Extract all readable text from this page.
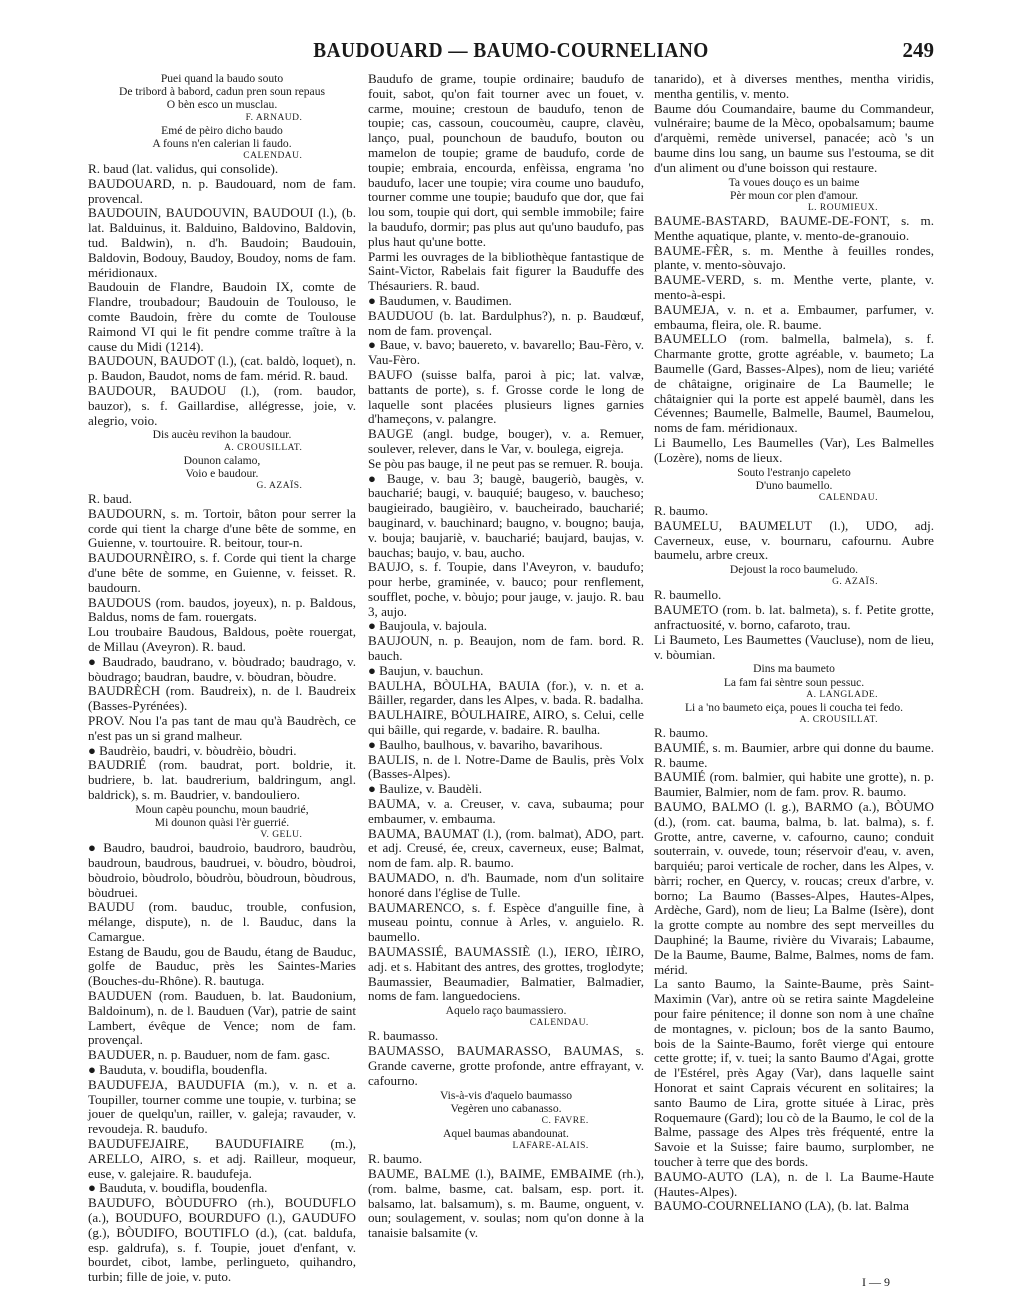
BAUDOUARD — BAUMO-COURNELIANO	249

Puei quand la baudo souto

De tribord à babord, cadun pren soun repaus

O bèn esco un musclau.

F. ARNAUD.

Emé de pèiro dicho baudo

A founs n'en calerian li faudo.

CALENDAU.

R. baud (lat. validus, qui consolide).

BAUDOUARD, n. p. Baudouard, nom de fam. provencal.

BAUDOUIN, BAUDOUVIN, BAUDOUI (l.), (b. lat. Balduinus, it. Balduino, Baldovino, Baldovin, tud. Baldwin), n. d'h. Baudoin; Baudouin, Baldovin, Bodouy, Baudoy, Boudoy, noms de fam. méridionaux.

Baudouin de Flandre, Baudoin IX, comte de Flandre, troubadour; Baudouin de Toulouso, le comte Baudoin, frère du comte de Toulouse Raimond VI qui le fit pendre comme traître à la cause du Midi (1214).

BAUDOUN, BAUDOT (l.), (cat. baldò, loquet), n. p. Baudon, Baudot, noms de fam. mérid. R. baud.

BAUDOUR, BAUDOU (l.), (rom. baudor, bauzor), s. f. Gaillardise, allégresse, joie, v. alegrio, voio.

Dis aucèu revihon la baudour.

A. CROUSILLAT.

Dounon calamo,

Voio e baudour.

G. AZAÏS.

R. baud.

BAUDOURN, s. m. Tortoir, bâton pour serrer la corde qui tient la charge d'une bête de somme, en Guienne, v. tourtouire. R. beitour, tour-n.

BAUDOURNÈIRO, s. f. Corde qui tient la charge d'une bête de somme, en Guienne, v. feisset. R. baudourn.

BAUDOUS (rom. baudos, joyeux), n. p. Baldous, Baldus, noms de fam. rouergats.

Lou troubaire Baudous, Baldous, poète rouergat, de Millau (Aveyron). R. baud.

● Baudrado, baudrano, v. bòudrado; baudrago, v. bòudrago; baudran, baudre, v. bòudran, bòudre.

BAUDRÈCH (rom. Baudreix), n. de l. Baudreix (Basses-Pyrénées).

PROV. Nou l'a pas tant de mau qu'à Baudrèch, ce n'est pas un si grand malheur.

● Baudrèio, baudri, v. bòudrèio, bòudri.

BAUDRIÉ (rom. baudrat, port. boldrie, it. budriere, b. lat. baudrerium, baldringum, angl. baldrick), s. m. Baudrier, v. bandouliero.

Moun capèu pounchu, moun baudrié,

Mi dounon quàsi l'èr guerrié.

V. GELU.

● Baudro, baudroi, baudroio, baudroro, baudròu, baudroun, baudrous, baudruei, v. bòudro, bòudroi, bòudroio, bòudrolo, bòudròu, bòudroun, bòudrous, bòudruei.

BAUDU (rom. bauduc, trouble, confusion, mélange, dispute), n. de l. Bauduc, dans la Camargue.

Estang de Baudu, gou de Baudu, étang de Bauduc, golfe de Bauduc, près les Saintes-Maries (Bouches-du-Rhône). R. bautuga.

BAUDUEN (rom. Bauduen, b. lat. Baudonium, Baldoinum), n. de l. Bauduen (Var), patrie de saint Lambert, évêque de Vence; nom de fam. provençal.

BAUDUER, n. p. Bauduer, nom de fam. gasc.

● Bauduta, v. boudifla, boudenfla.

BAUDUFEJA, BAUDUFIA (m.), v. n. et a. Toupiller, tourner comme une toupie, v. turbina; se jouer de quelqu'un, railler, v. galeja; ravauder, v. revoudeja. R. baudufo.

BAUDUFEJAIRE, BAUDUFIAIRE (m.), ARELLO, AIRO, s. et adj. Railleur, moqueur, euse, v. galejaire. R. baudufeja.

● Bauduta, v. boudifla, boudenfla.

BAUDUFO, BÒUDUFRO (rh.), BOUDUFLO (a.), BOUDUFO, BOURDUFO (l.), GAUDUFO (g.), BÒUDIFO, BOUTIFLO (d.), (cat. baldufa, esp. galdrufa), s. f. Toupie, jouet d'enfant, v. bourdet, cibot, lambe, perlingueto, quihandro, turbin; fille de joie, v. puto.

Baudufo de grame, toupie ordinaire; baudufo de fouit, sabot, qu'on fait tourner avec un fouet, v. carme, mouine; crestoun de baudufo, tenon de toupie; cas, cassoun, coucoumèu, caupre, clavèu, lanço, pual, pounchoun de baudufo, bouton ou mamelon de toupie; grame de baudufo, corde de toupie; embraia, encourda, enfèissa, engrama 'no baudufo, lacer une toupie; vira coume uno baudufo, tourner comme une toupie; baudufo que dor, que fai lou som, toupie qui dort, qui semble immobile; faire la baudufo, dormir; pas plus aut qu'uno baudufo, pas plus haut qu'une botte.

Parmi les ouvrages de la bibliothèque fantastique de Saint-Victor, Rabelais fait figurer la Bauduffe des Thésauriers. R. baud.

● Baudumen, v. Baudimen.

BAUDUOU (b. lat. Bardulphus?), n. p. Baudœuf, nom de fam. provençal.

● Baue, v. bavo; bauereto, v. bavarello; Bau-Fèro, v. Vau-Fèro.

BAUFO (suisse balfa, paroi à pic; lat. valvæ, battants de porte), s. f. Grosse corde le long de laquelle sont placées plusieurs lignes garnies d'hameçons, v. palangre.

BAUGE (angl. budge, bouger), v. a. Remuer, soulever, relever, dans le Var, v. boulega, eigreja.

Se pòu pas bauge, il ne peut pas se remuer. R. bouja.

● Bauge, v. bau 3; baugè, baugeriò, baugès, v. baucharié; baugi, v. bauquié; baugeso, v. baucheso; baugieirado, baugièiro, v. bauchеirado, baucharié; bauginard, v. bauchinard; baugno, v. bougno; bauja, v. bouja; baujariè, v. baucharié; baujard, baujas, v. bauchas; baujo, v. bau, aucho.

BAUJO, s. f. Toupie, dans l'Aveyron, v. baudufo; pour herbe, graminée, v. bauco; pour renflement, soufflet, poche, v. bòujo; pour jauge, v. jaujo. R. bau 3, aujo.

● Baujoula, v. bajoula.

BAUJOUN, n. p. Beaujon, nom de fam. bord. R. bauch.

● Baujun, v. bauchun.

BAULHA, BÒULHA, BAUIA (for.), v. n. et a. Bâiller, regarder, dans les Alpes, v. bada. R. badalha.

BAULHAIRE, BÒULHAIRE, AIRO, s. Celui, celle qui bâille, qui regarde, v. badaire. R. baulha.

● Baulho, baulhous, v. bavariho, bavarihous.

BAULIS, n. de l. Notre-Dame de Baulis, près Volx (Basses-Alpes).

● Baulize, v. Baudèli.

BAUMA, v. a. Creuser, v. cava, subauma; pour embaumer, v. embauma.

BAUMA, BAUMAT (l.), (rom. balmat), ADO, part. et adj. Creusé, ée, creux, caverneux, euse; Balmat, nom de fam. alp. R. baumo.

BAUMADO, n. d'h. Baumade, nom d'un solitaire honoré dans l'église de Tulle.

BAUMARENCO, s. f. Espèce d'anguille fine, à museau pointu, connue à Arles, v. anguielo. R. baumello.

BAUMASSIÉ, BAUMASSIÈ (l.), IERO, IÈIRO, adj. et s. Habitant des antres, des grottes, troglodyte; Baumassier, Beaumadier, Balmatier, Balmadier, noms de fam. languedociens.

Aquelo raço baumassiero.

CALENDAU.

R. baumasso.

BAUMASSO, BAUMARASSO, BAUMAS, s. Grande caverne, grotte profonde, antre effrayant, v. cafourno.

Vis-à-vis d'aquelo baumasso

Vegèren uno cabanasso.

C. FAVRE.

Aquel baumas abandounat.

LAFARE-ALAIS.

R. baumo.

BAUME, BALME (l.), BAIME, EMBAIME (rh.), (rom. balme, basme, cat. balsam, esp. port. it. balsamo, lat. balsamum), s. m. Baume, onguent, v. oun; soulagement, v. soulas; nom qu'on donne à la tanaisie balsamite (v.

tanarido), et à diverses menthes, mentha viridis, mentha gentilis, v. mento.

Baume dóu Coumandaire, baume du Commandeur, vulnéraire; baume de la Mèco, opobalsamum; baume d'arquèmi, remède universel, panacée; acò 's un baume dins lou sang, un baume sus l'estouma, se dit d'un aliment ou d'une boisson qui restaure.

Ta voues douço es un baime

Pèr moun cor plen d'amour.

L. ROUMIEUX.

BAUME-BASTARD, BAUME-DE-FONT, s. m. Menthe aquatique, plante, v. mento-de-granouio.

BAUME-FÈR, s. m. Menthe à feuilles rondes, plante, v. mento-sòuvajo.

BAUME-VERD, s. m. Menthe verte, plante, v. mento-à-espi.

BAUMEJA, v. n. et a. Embaumer, parfumer, v. embauma, fleira, ole. R. baume.

BAUMELLO (rom. balmella, balmela), s. f. Charmante grotte, grotte agréable, v. baumeto; La Baumelle (Gard, Basses-Alpes), nom de lieu; variété de châtaigne, originaire de La Baumelle; le châtaignier qui la porte est appelé baumèl, dans les Cévennes; Baumelle, Balmelle, Baumel, Baumelou, noms de fam. méridionaux.

Li Baumello, Les Baumelles (Var), Les Balmelles (Lozère), noms de lieux.

Souto l'estranjo capeleto

D'uno baumello.

CALENDAU.

R. baumo.

BAUMELU, BAUMELUT (l.), UDO, adj. Caverneux, euse, v. bournaru, cafournu. Aubre baumelu, arbre creux.

Dejoust la roco baumeludo.

G. AZAÏS.

R. baumello.

BAUMETO (rom. b. lat. balmeta), s. f. Petite grotte, anfractuosité, v. borno, cafaroto, trau.

Li Baumeto, Les Baumettes (Vaucluse), nom de lieu, v. bòumian.

Dins ma baumeto

La fam fai sèntre soun pessuc.

A. LANGLADE.

Li a 'no baumeto eiça, poues li coucha tei fedo.

A. CROUSILLAT.

R. baumo.

BAUMIÉ, s. m. Baumier, arbre qui donne du baume. R. baume.

BAUMIÉ (rom. balmier, qui habite une grotte), n. p. Baumier, Balmier, nom de fam. prov. R. baumo.

BAUMO, BALMO (l. g.), BARMO (a.), BÒUMO (d.), (rom. cat. bauma, balma, b. lat. balma), s. f. Grotte, antre, caverne, v. cafourno, cauno; conduit souterrain, v. ouvede, toun; réservoir d'eau, v. aven, barquiéu; paroi verticale de rocher, dans les Alpes, v. bàrri; rocher, en Quercy, v. roucas; creux d'arbre, v. borno; La Baumo (Basses-Alpes, Hautes-Alpes, Ardèche, Gard), nom de lieu; La Balme (Isère), dont la grotte compte au nombre des sept merveilles du Dauphiné; la Baume, rivière du Vivarais; Labaume, De la Baume, Baume, Balme, Balmes, noms de fam. mérid.

La santo Baumo, la Sainte-Baume, près Saint-Maximin (Var), antre où se retira sainte Magdeleine pour faire pénitence; il donne son nom à une chaîne de montagnes, v. picloun; bos de la santo Baumo, bois de la Sainte-Baumo, forêt vierge qui entoure cette grotte; if, v. tuei; la santo Baumo d'Agai, grotte de l'Estérel, près Agay (Var), dans laquelle saint Honorat et saint Caprais vécurent en solitaires; la santo Baumo de Lira, grotte située à Lirac, près Roquemaure (Gard); lou cò de la Baumo, le col de la Balme, passage des Alpes très fréquenté, entre la Savoie et la Suisse; faire baumo, surplomber, ne toucher à terre que des bords.

BAUMO-AUTO (LA), n. de l. La Baume-Haute (Hautes-Alpes).

BAUMO-COURNELIANO (LA), (b. lat. Balma

I — 9
